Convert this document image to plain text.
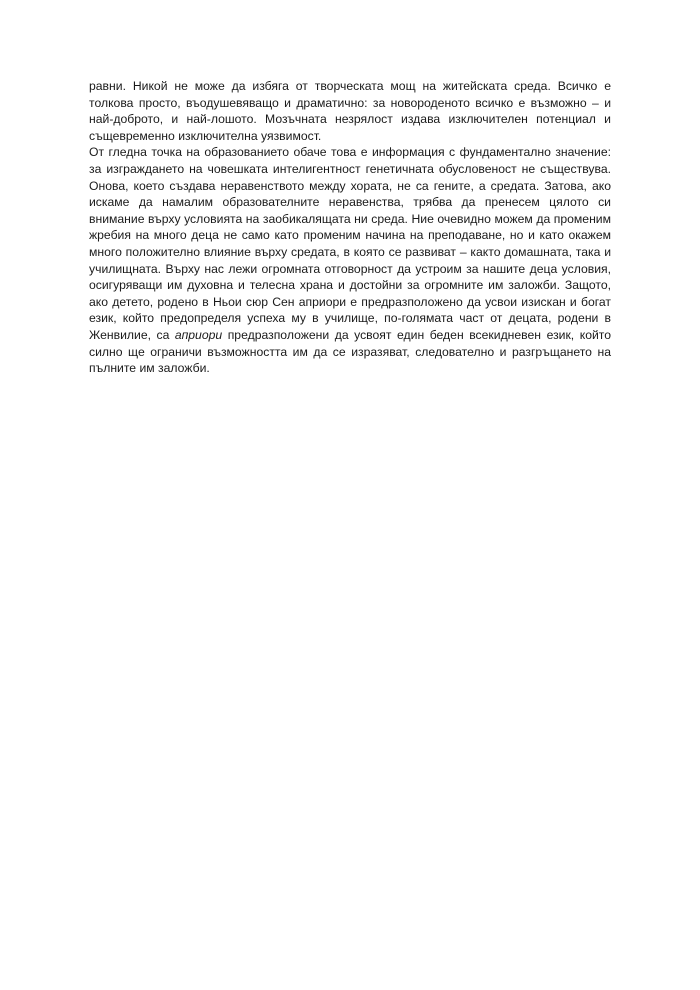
равни. Никой не може да избяга от творческата мощ на житейската среда. Всичко е толкова просто, въодушевяващо и драматично: за новороденото всичко е възможно – и най-доброто, и най-лошото. Мозъчната незрялост издава изключителен потенциал и същевременно изключителна уязвимост.

От гледна точка на образованието обаче това е информация с фундаментално значение: за изграждането на човешката интелигентност генетичната обусловеност не съществува. Онова, което създава неравенството между хората, не са гените, а средата. Затова, ако искаме да намалим образователните неравенства, трябва да пренесем цялото си внимание върху условията на заобикалящата ни среда. Ние очевидно можем да променим жребия на много деца не само като променим начина на преподаване, но и като окажем много положително влияние върху средата, в която се развиват – както домашната, така и училищната. Върху нас лежи огромната отговорност да устроим за нашите деца условия, осигуряващи им духовна и телесна храна и достойни за огромните им заложби. Защото, ако детето, родено в Ньои сюр Сен априори е предразположено да усвои изискан и богат език, който предопределя успеха му в училище, по-голямата част от децата, родени в Женвилие, са априори предразположени да усвоят един беден всекидневен език, който силно ще ограничи възможността им да се изразяват, следователно и разгръщането на пълните им заложби.
